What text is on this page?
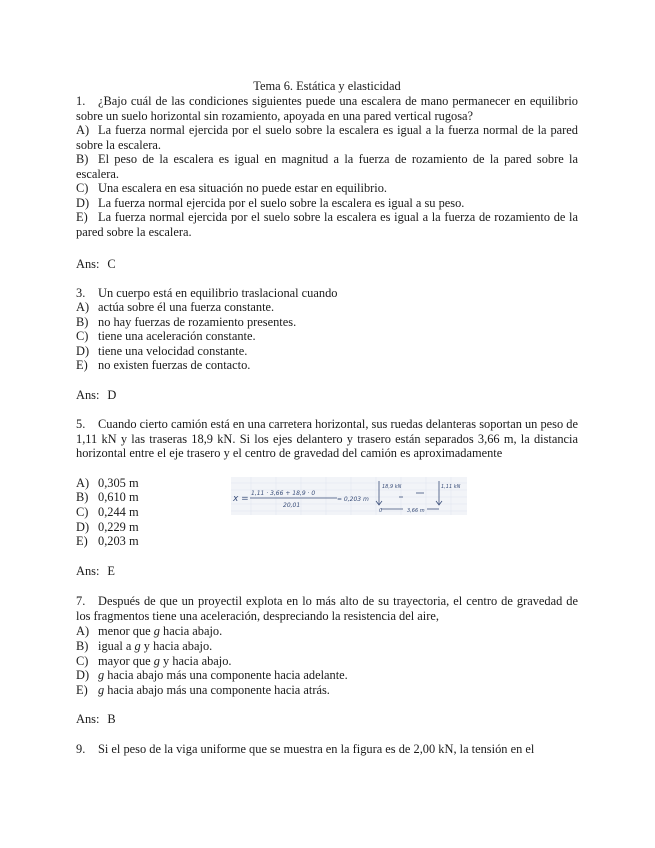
Tema 6. Estática y elasticidad
1. ¿Bajo cuál de las condiciones siguientes puede una escalera de mano permanecer en equilibrio sobre un suelo horizontal sin rozamiento, apoyada en una pared vertical rugosa?
A) La fuerza normal ejercida por el suelo sobre la escalera es igual a la fuerza normal de la pared sobre la escalera.
B) El peso de la escalera es igual en magnitud a la fuerza de rozamiento de la pared sobre la escalera.
C) Una escalera en esa situación no puede estar en equilibrio.
D) La fuerza normal ejercida por el suelo sobre la escalera es igual a su peso.
E) La fuerza normal ejercida por el suelo sobre la escalera es igual a la fuerza de rozamiento de la pared sobre la escalera.
Ans: C
3. Un cuerpo está en equilibrio traslacional cuando
A) actúa sobre él una fuerza constante.
B) no hay fuerzas de rozamiento presentes.
C) tiene una aceleración constante.
D) tiene una velocidad constante.
E) no existen fuerzas de contacto.
Ans: D
5. Cuando cierto camión está en una carretera horizontal, sus ruedas delanteras soportan un peso de 1,11 kN y las traseras 18,9 kN. Si los ejes delantero y trasero están separados 3,66 m, la distancia horizontal entre el eje trasero y el centro de gravedad del camión es aproximadamente
A) 0,305 m
B) 0,610 m
C) 0,244 m
D) 0,229 m
E) 0,203 m
Ans: E
7. Después de que un proyectil explota en lo más alto de su trayectoria, el centro de gravedad de los fragmentos tiene una aceleración, despreciando la resistencia del aire,
A) menor que g hacia abajo.
B) igual a g y hacia abajo.
C) mayor que g y hacia abajo.
D) g hacia abajo más una componente hacia adelante.
E) g hacia abajo más una componente hacia atrás.
Ans: B
9. Si el peso de la viga uniforme que se muestra en la figura es de 2,00 kN, la tensión en el
x =
1,11 · 3,66 + 18,9 · 0
20,01
= 0,203 m
18,9 kN	1,11 kN
0	3,66 m
